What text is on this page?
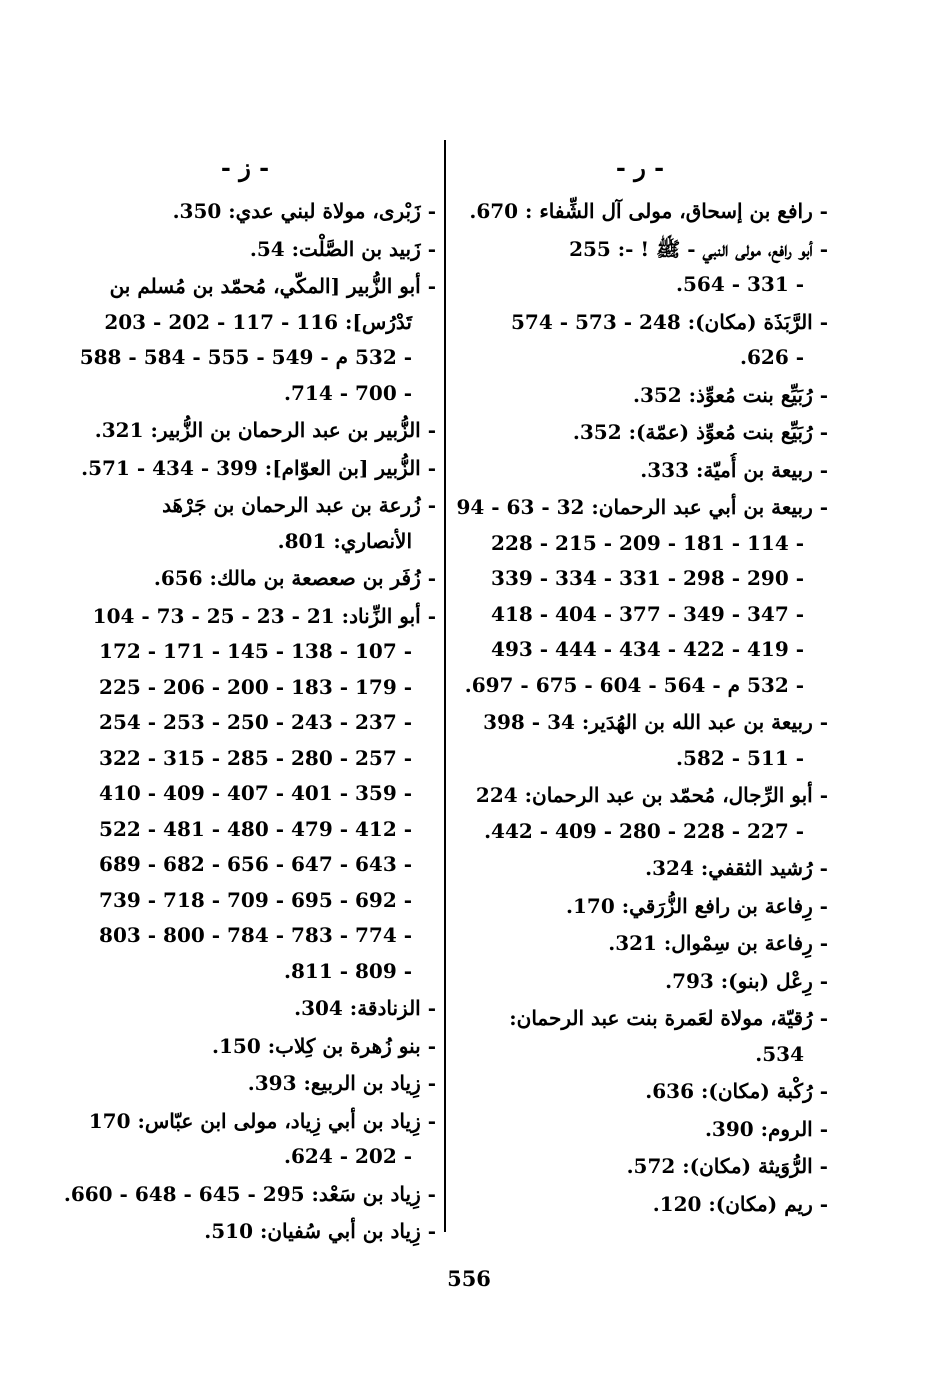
- ر -
- رافع بن إسحاق، مولى آل الشِّفاء : 670.
- أبو رافع، مولى النبي - ﷺ ! -: 255
- 331 - 564.
- الرَّبَذَة (مكان): 248 - 573 - 574
- 626.
- رُبَيِّع بنت مُعوِّذ: 352.
- رُبَيِّع بنت مُعوِّذ (عمّة): 352.
- ربيعة بن أُميّة: 333.
- ربيعة بن أبي عبد الرحمان: 32 - 63 - 94
- 114 - 181 - 209 - 215 - 228
- 290 - 298 - 331 - 334 - 339
- 347 - 349 - 377 - 404 - 418
- 419 - 422 - 434 - 444 - 493
- 532 م - 564 - 604 - 675 - 697.
- ربيعة بن عبد الله بن الهُدَير: 34 - 398
- 511 - 582.
- أبو الرِّجال، مُحمّد بن عبد الرحمان: 224
- 227 - 228 - 280 - 409 - 442.
- رُشيد الثقفي: 324.
- رِفاعة بن رافع الزُّرَقي: 170.
- رِفاعة بن سِمْوال: 321.
- رِعْل (بنو): 793.
- رُقيّة، مولاة لعَمرة بنت عبد الرحمان:
534.
- رُكْبة (مكان): 636.
- الروم: 390.
- الرُّوَيثة (مكان): 572.
- ريم (مكان): 120.
- ز -
- زَبْرى، مولاة لبني عدي: 350.
- زَبيد بن الصَّلْت: 54.
- أبو الزُّبير [المكّي، مُحمّد بن مُسلم بن
تَدْرُس]: 116 - 117 - 202 - 203
- 532 م - 549 - 555 - 584 - 588
- 700 - 714.
- الزُّبير بن عبد الرحمان بن الزُّبير: 321.
- الزُّبير [بن العوّام]: 399 - 434 - 571.
- زُرعة بن عبد الرحمان بن جَرْهَد
الأنصاري: 801.
- زُفَر بن صعصعة بن مالك: 656.
- أبو الزِّناد: 21 - 23 - 25 - 73 - 104
- 107 - 138 - 145 - 171 - 172
- 179 - 183 - 200 - 206 - 225
- 237 - 243 - 250 - 253 - 254
- 257 - 280 - 285 - 315 - 322
- 359 - 401 - 407 - 409 - 410
- 412 - 479 - 480 - 481 - 522
- 643 - 647 - 656 - 682 - 689
- 692 - 695 - 709 - 718 - 739
- 774 - 783 - 784 - 800 - 803
- 809 - 811.
- الزنادقة: 304.
- بنو زُهرة بن كِلاب: 150.
- زِياد بن الربيع: 393.
- زِياد بن أبي زِياد، مولى ابن عبّاس: 170
- 202 - 624.
- زِياد بن سَعْد: 295 - 645 - 648 - 660.
- زِياد بن أبي سُفيان: 510.
556
